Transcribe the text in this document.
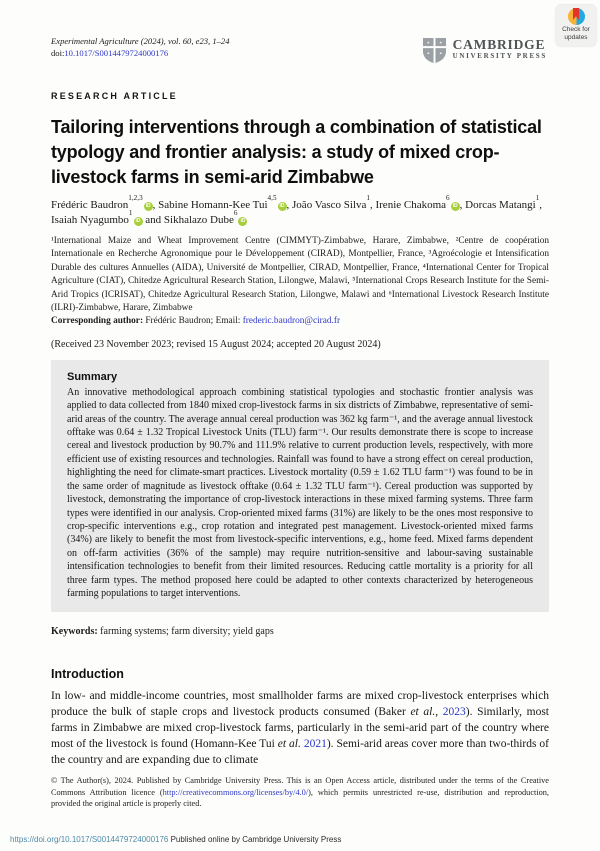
Check for
updates
Experimental Agriculture (2024), vol. 60, e23, 1–24
doi:10.1017/S0014479724000176
CAMBRIDGE
UNIVERSITY PRESS
RESEARCH ARTICLE
Tailoring interventions through a combination of statistical typology and frontier analysis: a study of mixed crop-livestock farms in semi-arid Zimbabwe
Frédéric Baudron$^{1,2,3}$iD , Sabine Homann-Kee Tui$^{4,5}$iD , João Vasco Silva$^1$, Irenie Chakoma$^6$iD , Dorcas Matangi$^1$, Isaiah Nyagumbo$^1$iD and Sikhalazo Dube$^6$iD
¹International Maize and Wheat Improvement Centre (CIMMYT)-Zimbabwe, Harare, Zimbabwe, ²Centre de coopération Internationale en Recherche Agronomique pour le Développement (CIRAD), Montpellier, France, ³Agroécologie et Intensification Durable des cultures Annuelles (AIDA), Université de Montpellier, CIRAD, Montpellier, France, ⁴International Center for Tropical Agriculture (CIAT), Chitedze Agricultural Research Station, Lilongwe, Malawi, ⁵International Crops Research Institute for the Semi-Arid Tropics (ICRISAT), Chitedze Agricultural Research Station, Lilongwe, Malawi and ⁶International Livestock Research Institute (ILRI)-Zimbabwe, Harare, Zimbabwe
Corresponding author: Frédéric Baudron; Email: frederic.baudron@cirad.fr
(Received 23 November 2023; revised 15 August 2024; accepted 20 August 2024)
Summary
An innovative methodological approach combining statistical typologies and stochastic frontier analysis was applied to data collected from 1840 mixed crop-livestock farms in six districts of Zimbabwe, representative of semi-arid areas of the country. The average annual cereal production was 362 kg farm⁻¹, and the average annual livestock offtake was 0.64 ± 1.32 Tropical Livestock Units (TLU) farm⁻¹. Our results demonstrate there is scope to increase cereal and livestock production by 90.7% and 111.9% relative to current production levels, respectively, with more efficient use of existing resources and technologies. Rainfall was found to have a strong effect on cereal production, highlighting the need for climate-smart practices. Livestock mortality (0.59 ± 1.62 TLU farm⁻¹) was found to be in the same order of magnitude as livestock offtake (0.64 ± 1.32 TLU farm⁻¹). Cereal production was supported by livestock, demonstrating the importance of crop-livestock interactions in these mixed farming systems. Three farm types were identified in our analysis. Crop-oriented mixed farms (31%) are likely to be the ones most responsive to crop-specific interventions e.g., crop rotation and integrated pest management. Livestock-oriented mixed farms (34%) are likely to benefit the most from livestock-specific interventions, e.g., home feed. Mixed farms dependent on off-farm activities (36% of the sample) may require nutrition-sensitive and labour-saving sustainable intensification technologies to benefit from their limited resources. Reducing cattle mortality is a priority for all three farm types. The method proposed here could be adapted to other contexts characterized by heterogeneous farming populations to target interventions.
Keywords: farming systems; farm diversity; yield gaps
Introduction

In low- and middle-income countries, most smallholder farms are mixed crop-livestock enterprises which produce the bulk of staple crops and livestock products consumed (Baker et al., 2023). Similarly, most farms in Zimbabwe are mixed crop-livestock farms, particularly in the semi-arid part of the country where most of the livestock is found (Homann-Kee Tui et al. 2021). Semi-arid areas cover more than two-thirds of the country and are expanding due to climate

© The Author(s), 2024. Published by Cambridge University Press. This is an Open Access article, distributed under the terms of the Creative Commons Attribution licence (http://creativecommons.org/licenses/by/4.0/), which permits unrestricted re-use, distribution and reproduction, provided the original article is properly cited.
https://doi.org/10.1017/S0014479724000176 Published online by Cambridge University Press
